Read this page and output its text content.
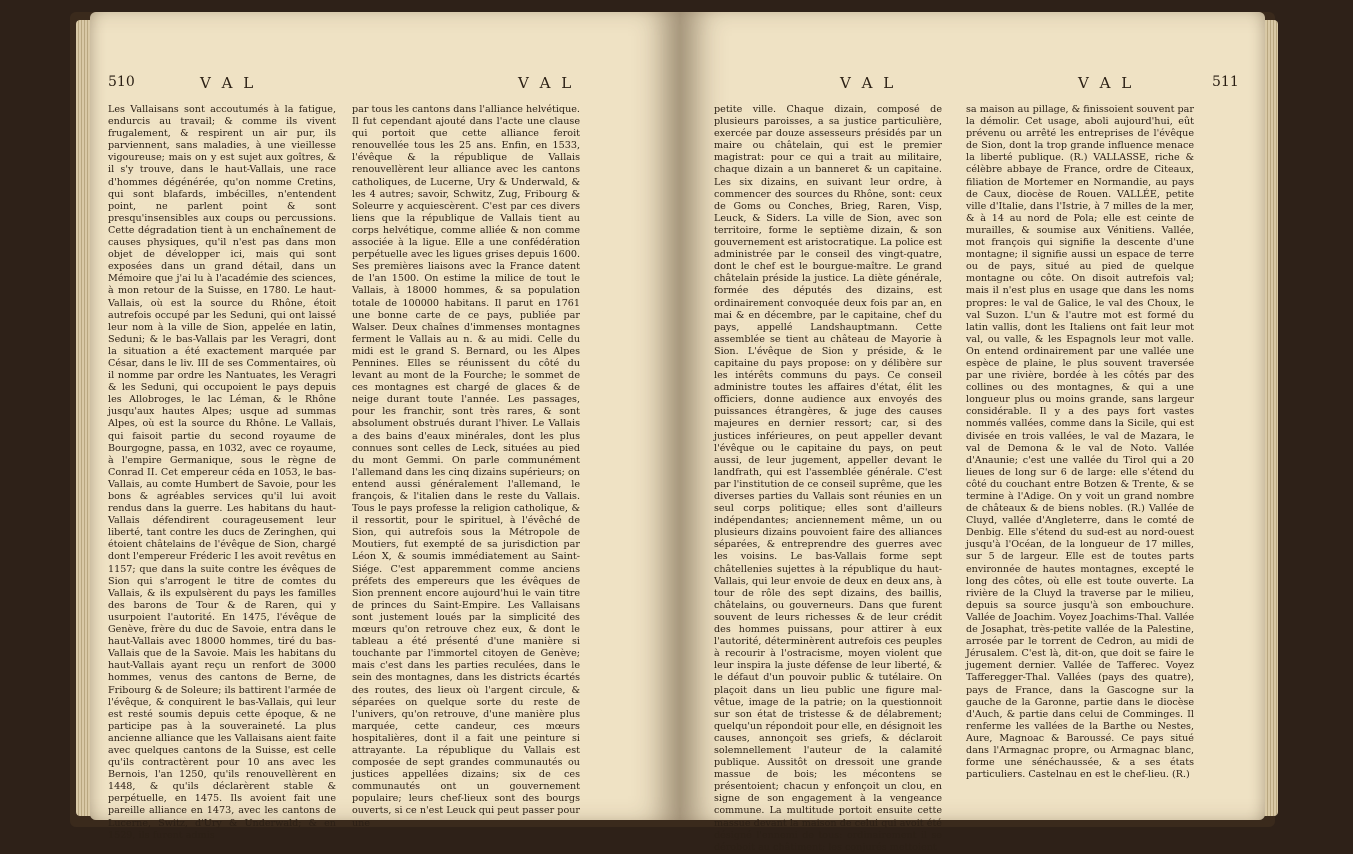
510	V A L	V A L
Les Vallaisans sont accoutumés à la fatigue, endurcis au travail; & comme ils vivent frugalement, & respirent un air pur, ils parviennent, sans maladies, à une vieillesse vigoureuse; mais on y est sujet aux goîtres, & il s'y trouve, dans le haut-Vallais, une race d'hommes dégénérée, qu'on nomme Cretins, qui sont blafards, imbécilles, n'entendent point, ne parlent point & sont presqu'insensibles aux coups ou percussions. Cette dégradation tient à un enchaînement de causes physiques, qu'il n'est pas dans mon objet de développer ici, mais qui sont exposées dans un grand détail, dans un Mémoire que j'ai lu à l'académie des sciences, à mon retour de la Suisse, en 1780. Le haut-Vallais, où est la source du Rhône, étoit autrefois occupé par les Seduni, qui ont laissé leur nom à la ville de Sion, appelée en latin, Seduni; & le bas-Vallais par les Veragri, dont la situation a été exactement marquée par César, dans le liv. III de ses Commentaires, où il nomme par ordre les Nantuates, les Veragri & les Seduni, qui occupoient le pays depuis les Allobroges, le lac Léman, & le Rhône jusqu'aux hautes Alpes; usque ad summas Alpes, où est la source du Rhône. Le Vallais, qui faisoit partie du second royaume de Bourgogne, passa, en 1032, avec ce royaume, à l'empire Germanique, sous le règne de Conrad II. Cet empereur céda en 1053, le bas-Vallais, au comte Humbert de Savoie, pour les bons & agréables services qu'il lui avoit rendus dans la guerre. Les habitans du haut-Vallais défendirent courageusement leur liberté, tant contre les ducs de Zeringhen, qui étoient châtelains de l'évêque de Sion, chargé dont l'empereur Fréderic I les avoit revêtus en 1157; que dans la suite contre les évêques de Sion qui s'arrogent le titre de comtes du Vallais, & ils expulsèrent du pays les familles des barons de Tour & de Raren, qui y usurpoient l'autorité. En 1475, l'évêque de Genève, frère du duc de Savoie, entra dans le haut-Vallais avec 18000 hommes, tiré du bas-Vallais que de la Savoie. Mais les habitans du haut-Vallais ayant reçu un renfort de 3000 hommes, venus des cantons de Berne, de Fribourg & de Soleure; ils battirent l'armée de l'évêque, & conquirent le bas-Vallais, qui leur est resté soumis depuis cette époque, & ne participe pas à la souveraineté. La plus ancienne alliance que les Vallaisans aient faite avec quelques cantons de la Suisse, est celle qu'ils contractèrent pour 10 ans avec les Bernois, l'an 1250, qu'ils renouvellèrent en 1448, & qu'ils déclarèrent stable & perpétuelle, en 1475. Ils avoient fait une pareille alliance en 1473, avec les cantons de Lucerne, Switz, d'Ury & Underwald; & en 1529, ils furent admis
par tous les cantons dans l'alliance helvétique. Il fut cependant ajouté dans l'acte une clause qui portoit que cette alliance feroit renouvellée tous les 25 ans. Enfin, en 1533, l'évêque & la république de Vallais renouvellèrent leur alliance avec les cantons catholiques, de Lucerne, Ury & Underwald, & les 4 autres; savoir, Schwitz, Zug, Fribourg & Soleurre y acquiescèrent. C'est par ces divers liens que la république de Vallais tient au corps helvétique, comme alliée & non comme associée à la ligue. Elle a une confédération perpétuelle avec les ligues grises depuis 1600. Ses premières liaisons avec la France datent de l'an 1500. On estime la milice de tout le Vallais, à 18000 hommes, & sa population totale de 100000 habitans. Il parut en 1761 une bonne carte de ce pays, publiée par Walser. Deux chaînes d'immenses montagnes ferment le Vallais au n. & au midi. Celle du midi est le grand S. Bernard, ou les Alpes Pennines. Elles se réunissent du côté du levant au mont de la Fourche; le sommet de ces montagnes est chargé de glaces & de neige durant toute l'année. Les passages, pour les franchir, sont très rares, & sont absolument obstrués durant l'hiver. Le Vallais a des bains d'eaux minérales, dont les plus connues sont celles de Leck, situées au pied du mont Gemmi. On parle communément l'allemand dans les cinq dizains supérieurs; on entend aussi généralement l'allemand, le françois, & l'italien dans le reste du Vallais. Tous le pays professe la religion catholique, & il ressortit, pour le spirituel, à l'évêché de Sion, qui autrefois sous la Métropole de Moutiers, fut exempté de sa jurisdiction par Léon X, & soumis immédiatement au Saint-Siége. C'est apparemment comme anciens préfets des empereurs que les évêques de Sion prennent encore aujourd'hui le vain titre de princes du Saint-Empire. Les Vallaisans sont justement loués par la simplicité des mœurs qu'on retrouve chez eux, & dont le tableau a été présenté d'une manière si touchante par l'immortel citoyen de Genève; mais c'est dans les parties reculées, dans le sein des montagnes, dans les districts écartés des routes, des lieux où l'argent circule, & séparées on quelque sorte du reste de l'univers, qu'on retrouve, d'une manière plus marquée, cette candeur, ces mœurs hospitalières, dont il a fait une peinture si attrayante. La république du Vallais est composée de sept grandes communautés ou justices appellées dizains; six de ces communautés ont un gouvernement populaire; leurs chef-lieux sont des bourgs ouverts, si ce n'est Leuck qui peut passer pour une
V A L	V A L	511
petite ville. Chaque dizain, composé de plusieurs paroisses, a sa justice particulière, exercée par douze assesseurs présidés par un maire ou châtelain, qui est le premier magistrat: pour ce qui a trait au militaire, chaque dizain a un banneret & un capitaine. Les six dizains, en suivant leur ordre, à commencer des sources du Rhône, sont: ceux de Goms ou Conches, Brieg, Raren, Visp, Leuck, & Siders. La ville de Sion, avec son territoire, forme le septième dizain, & son gouvernement est aristocratique. La police est administrée par le conseil des vingt-quatre, dont le chef est le bourgue-maître. Le grand châtelain préside la justice. La diète générale, formée des députés des dizains, est ordinairement convoquée deux fois par an, en mai & en décembre, par le capitaine, chef du pays, appellé Landshauptmann. Cette assemblée se tient au château de Mayorie à Sion. L'évêque de Sion y préside, & le capitaine du pays propose: on y délibère sur les intérêts communs du pays. Ce conseil administre toutes les affaires d'état, élit les officiers, donne audience aux envoyés des puissances étrangères, & juge des causes majeures en dernier ressort; car, si des justices inférieures, on peut appeller devant l'évêque ou le capitaine du pays, on peut aussi, de leur jugement, appeller devant le landfrath, qui est l'assemblée générale. C'est par l'institution de ce conseil suprême, que les diverses parties du Vallais sont réunies en un seul corps politique; elles sont d'ailleurs indépendantes; anciennement même, un ou plusieurs dizains pouvoient faire des alliances séparées, & entreprendre des guerres avec les voisins. Le bas-Vallais forme sept châtellenies sujettes à la république du haut-Vallais, qui leur envoie de deux en deux ans, à tour de rôle des sept dizains, des baillis, châtelains, ou gouverneurs. Dans que furent souvent de leurs richesses & de leur crédit des hommes puissans, pour attirer à eux l'autorité, déterminèrent autrefois ces peuples à recourir à l'ostracisme, moyen violent que leur inspira la juste défense de leur liberté, & le défaut d'un pouvoir public & tutélaire. On plaçoit dans un lieu public une figure mal-vêtue, image de la patrie; on la questionnoit sur son état de tristesse & de délabrement; quelqu'un répondoit pour elle, en désignoit les causes, annonçoit ses griefs, & déclaroit solemnellement l'auteur de la calamité publique. Aussitôt on dressoit une grande massue de bois; les mécontens se présentoient; chacun y enfonçoit un clou, en signe de son engagement à la vengeance commune. La multitude portoit ensuite cette massue devant la maison de celui qui avoit été désigné l'ennemi de tous: ordinairement il se déroboit au châtiment; les conjurés mettoient
sa maison au pillage, & finissoient souvent par la démolir. Cet usage, aboli aujourd'hui, eût prévenu ou arrêté les entreprises de l'évêque de Sion, dont la trop grande influence menace la liberté publique. (R.) VALLASSE, riche & célèbre abbaye de France, ordre de Citeaux, filiation de Mortemer en Normandie, au pays de Caux, diocèse de Rouen. VALLÉE, petite ville d'Italie, dans l'Istrie, à 7 milles de la mer, & à 14 au nord de Pola; elle est ceinte de murailles, & soumise aux Vénitiens. Vallée, mot françois qui signifie la descente d'une montagne; il signifie aussi un espace de terre ou de pays, situé au pied de quelque montagne ou côte. On disoit autrefois val; mais il n'est plus en usage que dans les noms propres: le val de Galice, le val des Choux, le val Suzon. L'un & l'autre mot est formé du latin vallis, dont les Italiens ont fait leur mot val, ou valle, & les Espagnols leur mot valle. On entend ordinairement par une vallée une espèce de plaine, le plus souvent traversée par une rivière, bordée à les côtés par des collines ou des montagnes, & qui a une longueur plus ou moins grande, sans largeur considérable. Il y a des pays fort vastes nommés vallées, comme dans la Sicile, qui est divisée en trois vallées, le val de Mazara, le val de Demona & le val de Noto. Vallée d'Anaunie; c'est une vallée du Tirol qui a 20 lieues de long sur 6 de large: elle s'étend du côté du couchant entre Botzen & Trente, & se termine à l'Adige. On y voit un grand nombre de châteaux & de biens nobles. (R.) Vallée de Cluyd, vallée d'Angleterre, dans le comté de Denbig. Elle s'étend du sud-est au nord-ouest jusqu'à l'Océan, de la longueur de 17 milles, sur 5 de largeur. Elle est de toutes parts environnée de hautes montagnes, excepté le long des côtes, où elle est toute ouverte. La rivière de la Cluyd la traverse par le milieu, depuis sa source jusqu'à son embouchure. Vallée de Joachim. Voyez Joachims-Thal. Vallée de Josaphat, très-petite vallée de la Palestine, arrosée par le torrent de Cedron, au midi de Jérusalem. C'est là, dit-on, que doit se faire le jugement dernier. Vallée de Tafferec. Voyez Tafferegger-Thal. Vallées (pays des quatre), pays de France, dans la Gascogne sur la gauche de la Garonne, partie dans le diocèse d'Auch, & partie dans celui de Comminges. Il renferme les vallées de la Barthe ou Nestes, Aure, Magnoac & Baroussé. Ce pays situé dans l'Armagnac propre, ou Armagnac blanc, forme une sénéchaussée, & a ses états particuliers. Castelnau en est le chef-lieu. (R.)
